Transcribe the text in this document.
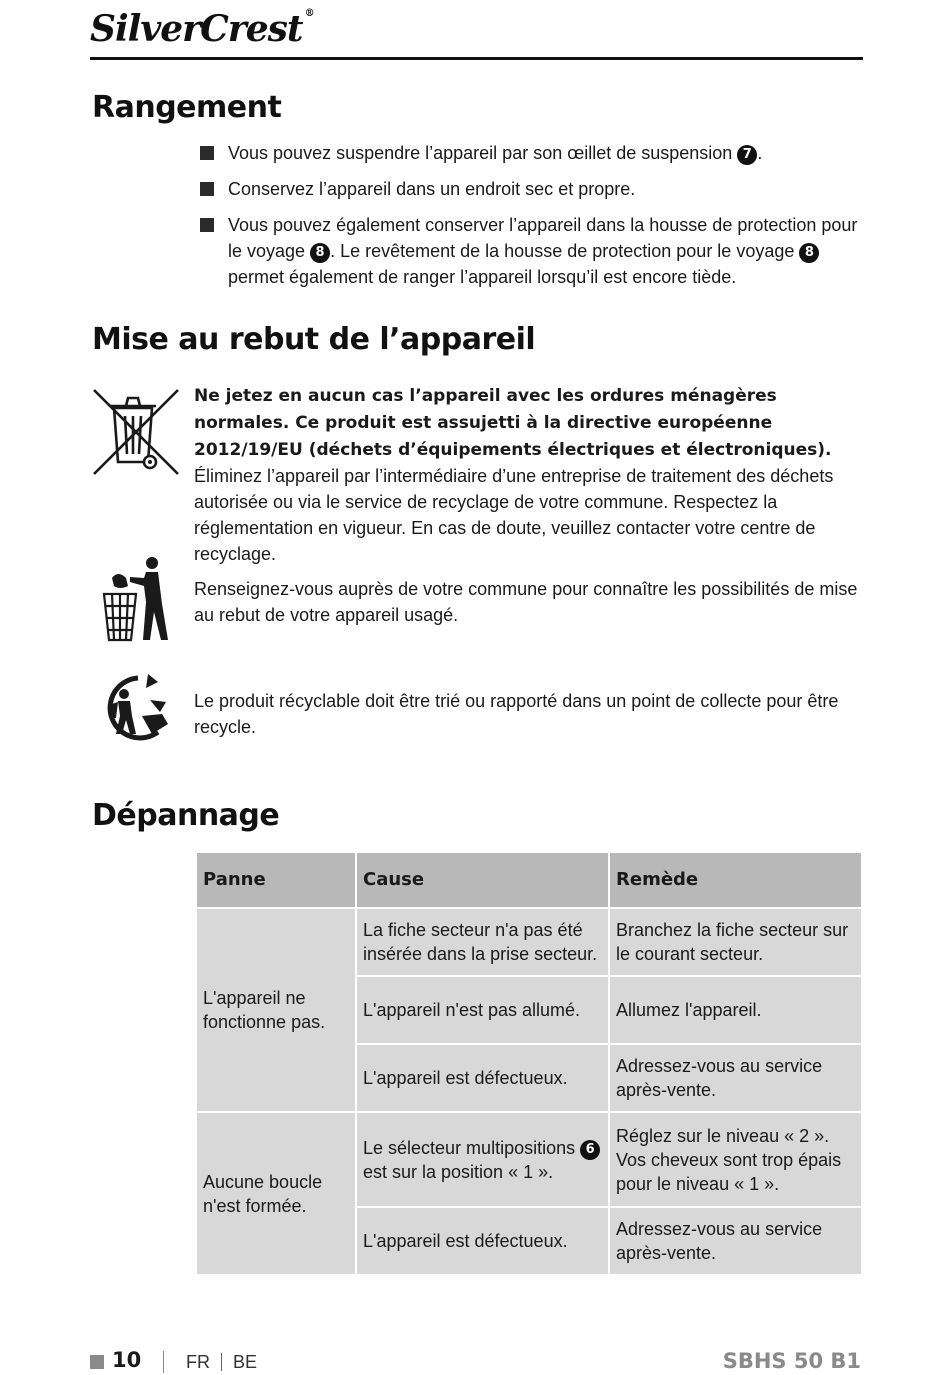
SilverCrest ®
Rangement
Vous pouvez suspendre l’appareil par son œillet de suspension 7 .
Conservez l’appareil dans un endroit sec et propre.
Vous pouvez également conserver l’appareil dans la housse de protection pour le voyage 8 . Le revêtement de la housse de protection pour le voyage 8 permet également de ranger l’appareil lorsqu’il est encore tiède.
Mise au rebut de l’appareil
Ne jetez en aucun cas l’appareil avec les ordures ménagères normales. Ce produit est assujetti à la directive européenne 2012/19/EU (déchets d’équipements électriques et électroniques). Éliminez l’appareil par l’intermédiaire d’une entreprise de traitement des déchets autorisée ou via le service de recyclage de votre commune. Respectez la réglementation en vigueur. En cas de doute, veuillez contacter votre centre de recyclage.
Renseignez-vous auprès de votre commune pour connaître les possibilités de mise au rebut de votre appareil usagé.
Le produit récyclable doit être trié ou rapporté dans un point de collecte pour être recycle.
Dépannage
Panne	Cause	Remède
L'appareil ne fonctionne pas.	La fiche secteur n'a pas été insérée dans la prise secteur.	Branchez la fiche secteur sur le courant secteur.
	L'appareil n'est pas allumé.	Allumez l'appareil.
	L'appareil est défectueux.	Adressez-vous au service après-vente.
Aucune boucle n'est formée.	Le sélecteur multipositions 6 est sur la position « 1 ».	Réglez sur le niveau « 2 ». Vos cheveux sont trop épais pour le niveau « 1 ».
	L'appareil est défectueux.	Adressez-vous au service après-vente.
10 FR BE	SBHS 50 B1
